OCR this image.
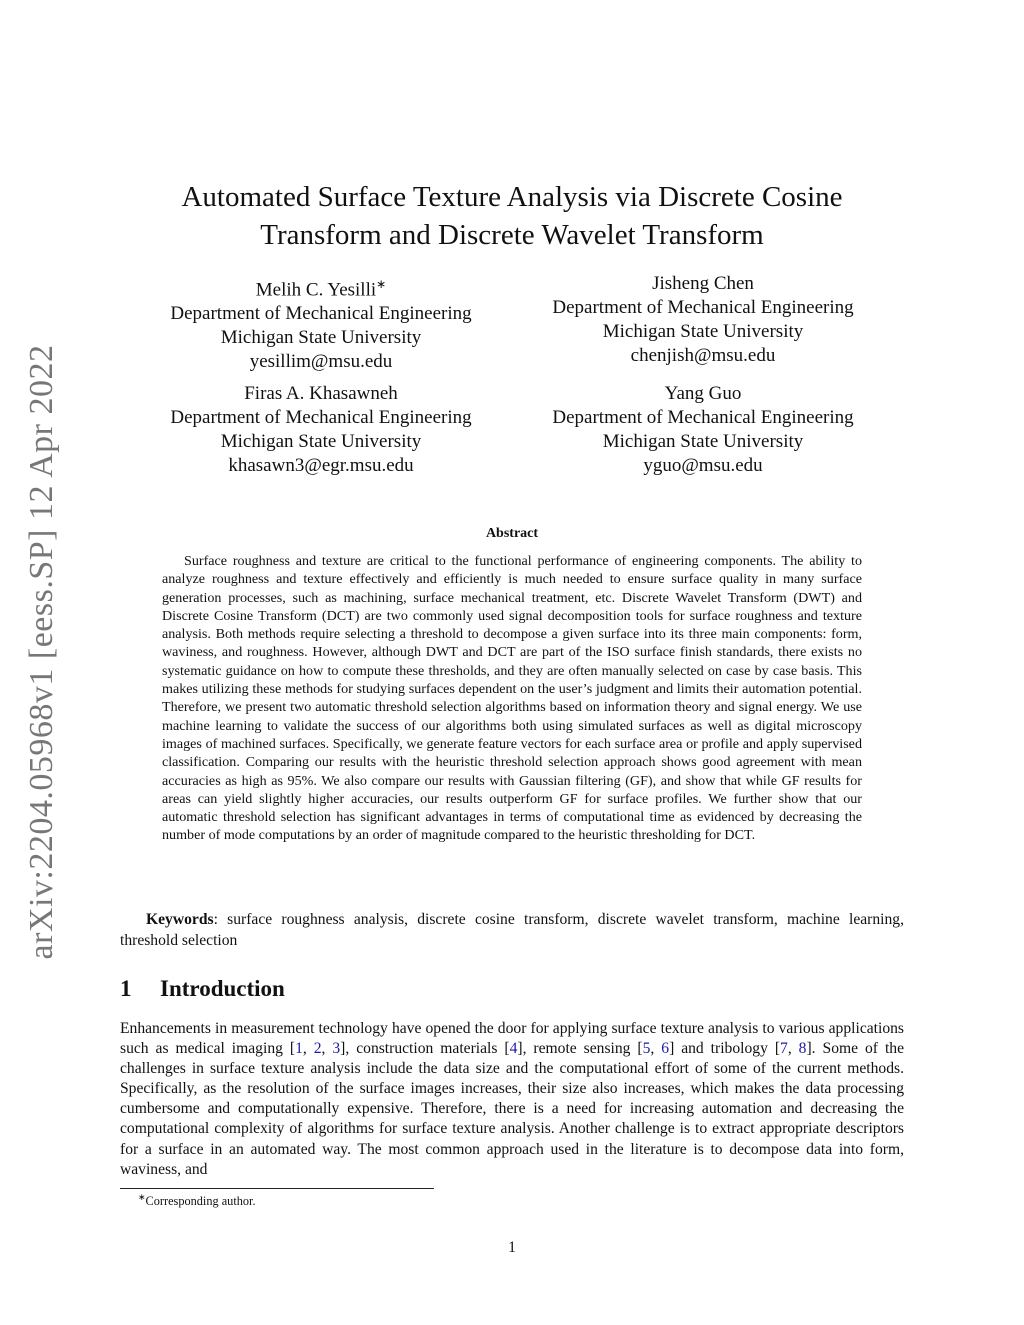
arXiv:2204.05968v1 [eess.SP] 12 Apr 2022
Automated Surface Texture Analysis via Discrete Cosine
Transform and Discrete Wavelet Transform
Melih C. Yesilli∗
Department of Mechanical Engineering
Michigan State University
yesillim@msu.edu
Jisheng Chen
Department of Mechanical Engineering
Michigan State University
chenjish@msu.edu
Firas A. Khasawneh
Department of Mechanical Engineering
Michigan State University
khasawn3@egr.msu.edu
Yang Guo
Department of Mechanical Engineering
Michigan State University
yguo@msu.edu
Abstract

Surface roughness and texture are critical to the functional performance of engineering components. The ability to analyze roughness and texture effectively and efficiently is much needed to ensure surface quality in many surface generation processes, such as machining, surface mechanical treatment, etc. Discrete Wavelet Transform (DWT) and Discrete Cosine Transform (DCT) are two commonly used signal decomposition tools for surface roughness and texture analysis. Both methods require selecting a threshold to decompose a given surface into its three main components: form, waviness, and roughness. However, although DWT and DCT are part of the ISO surface finish standards, there exists no systematic guidance on how to compute these thresholds, and they are often manually selected on case by case basis. This makes utilizing these methods for studying surfaces dependent on the user’s judgment and limits their automation potential. Therefore, we present two automatic threshold selection algorithms based on information theory and signal energy. We use machine learning to validate the success of our algorithms both using simulated surfaces as well as digital microscopy images of machined surfaces. Specifically, we generate feature vectors for each surface area or profile and apply supervised classification. Comparing our results with the heuristic threshold selection approach shows good agreement with mean accuracies as high as 95%. We also compare our results with Gaussian filtering (GF), and show that while GF results for areas can yield slightly higher accuracies, our results outperform GF for surface profiles. We further show that our automatic threshold selection has significant advantages in terms of computational time as evidenced by decreasing the number of mode computations by an order of magnitude compared to the heuristic thresholding for DCT.

Keywords: surface roughness analysis, discrete cosine transform, discrete wavelet transform, machine learning, threshold selection

1 Introduction

Enhancements in measurement technology have opened the door for applying surface texture analysis to various applications such as medical imaging [1, 2, 3], construction materials [4], remote sensing [5, 6] and tribology [7, 8]. Some of the challenges in surface texture analysis include the data size and the computational effort of some of the current methods. Specifically, as the resolution of the surface images increases, their size also increases, which makes the data processing cumbersome and computationally expensive. Therefore, there is a need for increasing automation and decreasing the computational complexity of algorithms for surface texture analysis. Another challenge is to extract appropriate descriptors for a surface in an automated way. The most common approach used in the literature is to decompose data into form, waviness, and

∗Corresponding author.
1
